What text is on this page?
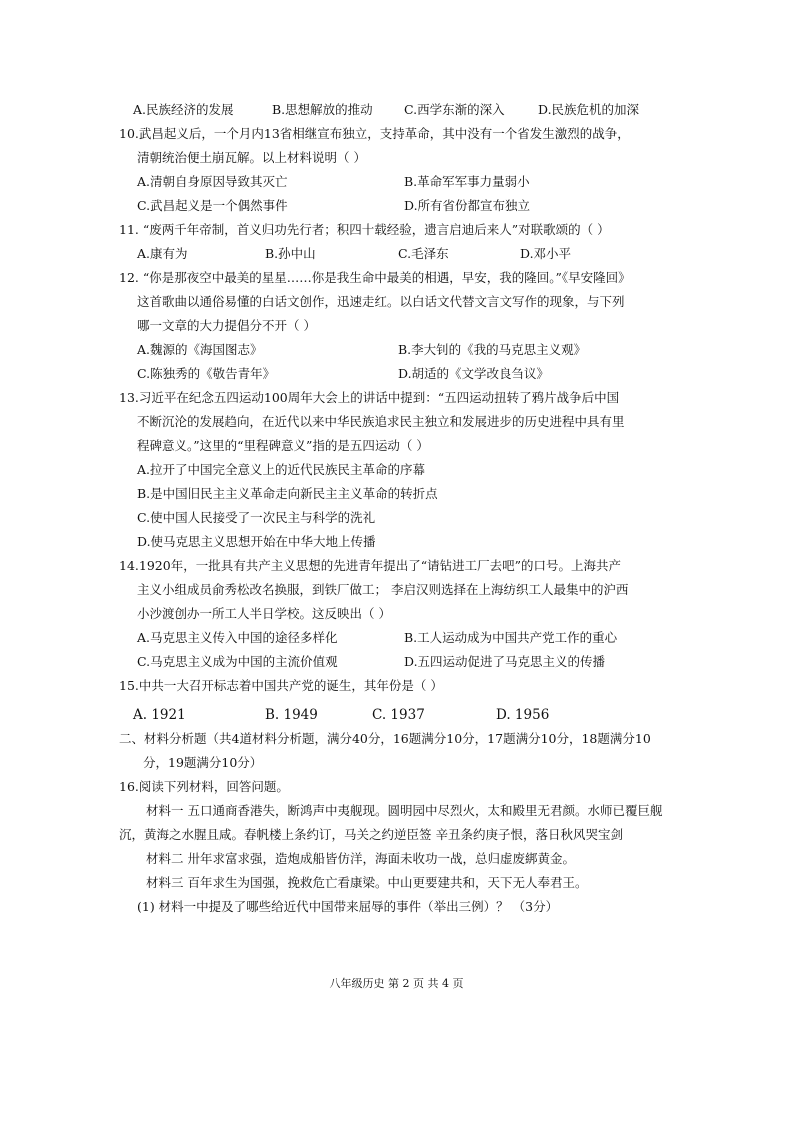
A.民族经济的发展	B.思想解放的推动	C.西学东渐的深入	D.民族危机的加深
10.武昌起义后，一个月内13省相继宣布独立，支持革命，其中没有一个省发生激烈的战争，
清朝统治便土崩瓦解。以上材料说明（ ）
A.清朝自身原因导致其灭亡	B.革命军军事力量弱小
C.武昌起义是一个偶然事件	D.所有省份都宣布独立
11. “废两千年帝制，首义归功先行者；积四十载经验，遗言启迪后来人”对联歌颂的（ ）
A.康有为	B.孙中山	C.毛泽东	D.邓小平
12. “你是那夜空中最美的星星……你是我生命中最美的相遇，早安，我的隆回。”《早安隆回》
这首歌曲以通俗易懂的白话文创作，迅速走红。以白话文代替文言文写作的现象，与下列
哪一文章的大力提倡分不开（ ）
A.魏源的《海国图志》	B.李大钊的《我的马克思主义观》
C.陈独秀的《敬告青年》	D.胡适的《文学改良刍议》
13.习近平在纪念五四运动100周年大会上的讲话中提到：“五四运动扭转了鸦片战争后中国
不断沉沦的发展趋向，在近代以来中华民族追求民主独立和发展进步的历史进程中具有里
程碑意义。”这里的“里程碑意义”指的是五四运动（ ）
A.拉开了中国完全意义上的近代民族民主革命的序幕
B.是中国旧民主主义革命走向新民主主义革命的转折点
C.使中国人民接受了一次民主与科学的洗礼
D.使马克思主义思想开始在中华大地上传播
14.1920年，一批具有共产主义思想的先进青年提出了“请钻进工厂去吧”的口号。上海共产
主义小组成员俞秀松改名换服，到铁厂做工； 李启汉则选择在上海纺织工人最集中的沪西
小沙渡创办一所工人半日学校。这反映出（ ）
A.马克思主义传入中国的途径多样化	B.工人运动成为中国共产党工作的重心
C.马克思主义成为中国的主流价值观	D.五四运动促进了马克思主义的传播
15.中共一大召开标志着中国共产党的诞生，其年份是（ ）
A. 1921	B. 1949	C. 1937	D. 1956
二、材料分析题（共4道材料分析题，满分40分，16题满分10分，17题满分10分，18题满分10
分，19题满分10分）
16.阅读下列材料，回答问题。
材料一 五口通商香港失，断鸿声中夷舰现。圆明园中尽烈火，太和殿里无君颜。水师已覆巨舰
沉，黄海之水腥且咸。春帆楼上条约订，马关之约逆臣签 辛丑条约庚子恨，落日秋风哭宝剑
材料二 卅年求富求强，造炮成船皆仿洋，海面未收功一战，总归虚废綁黄金。
材料三 百年求生为国强，挽救危亡看康梁。中山更要建共和，天下无人奉君王。
(1) 材料一中提及了哪些给近代中国带来屈辱的事件（举出三例）？ （3分）
八年级历史 第 2 页 共 4 页
